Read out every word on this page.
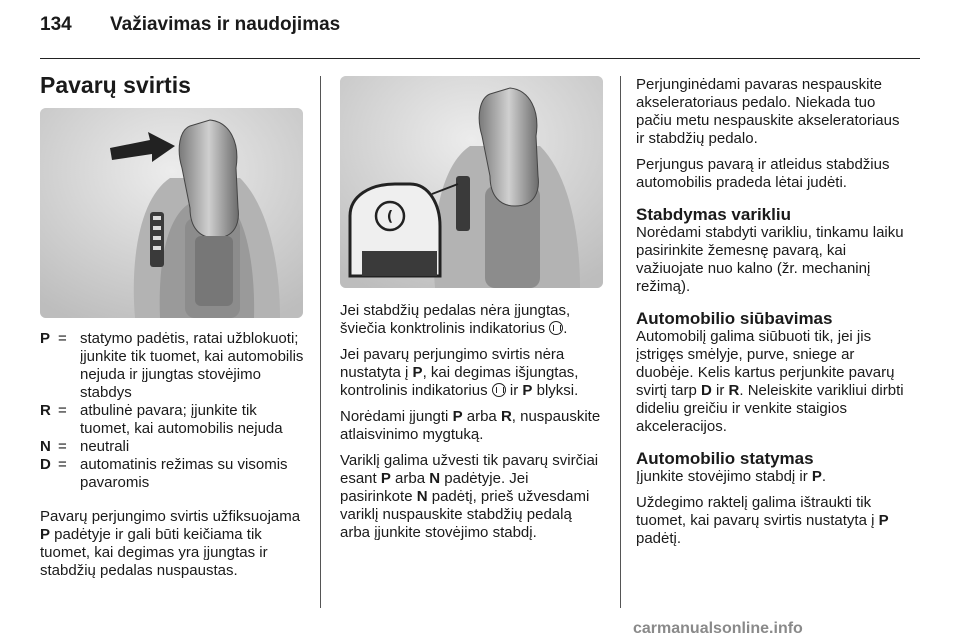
134 Važiavimas ir naudojimas
Pavarų svirtis
P = statymo padėtis, ratai užblokuoti; įjunkite tik tuomet, kai automobilis nejuda ir įjungtas stovėjimo stabdys
R = atbulinė pavara; įjunkite tik tuomet, kai automobilis nejuda
N = neutrali
D = automatinis režimas su visomis pavaromis

Pavarų perjungimo svirtis užfiksuojama P padėtyje ir gali būti keičiama tik tuomet, kai degimas yra įjungtas ir stabdžių pedalas nuspaustas.

(

Jei stabdžių pedalas nėra įjungtas, šviečia konktrolinis indikatorius .

Jei pavarų perjungimo svirtis nėra nustatyta į P, kai degimas išjungtas, kontrolinis indikatorius  ir P blyksi.

Norėdami įjungti P arba R, nuspauskite atlaisvinimo mygtuką.

Variklį galima užvesti tik pavarų svirčiai esant P arba N padėtyje. Jei pasirinkote N padėtį, prieš užvesdami variklį nuspauskite stabdžių pedalą arba įjunkite stovėjimo stabdį.

Perjunginėdami pavaras nespauskite akseleratoriaus pedalo. Niekada tuo pačiu metu nespauskite akseleratoriaus ir stabdžių pedalo.

Perjungus pavarą ir atleidus stabdžius automobilis pradeda lėtai judėti.

Stabdymas varikliu

Norėdami stabdyti varikliu, tinkamu laiku pasirinkite žemesnę pavarą, kai važiuojate nuo kalno (žr. mechaninį režimą).

Automobilio siūbavimas

Automobilį galima siūbuoti tik, jei jis įstrigęs smėlyje, purve, sniege ar duobėje. Kelis kartus perjunkite pavarų svirtį tarp D ir R. Neleiskite varikliui dirbti dideliu greičiu ir venkite staigios akceleracijos.

Automobilio statymas

Įjunkite stovėjimo stabdį ir P.

Uždegimo raktelį galima ištraukti tik tuomet, kai pavarų svirtis nustatyta į P padėtį.

carmanualsonline.info
